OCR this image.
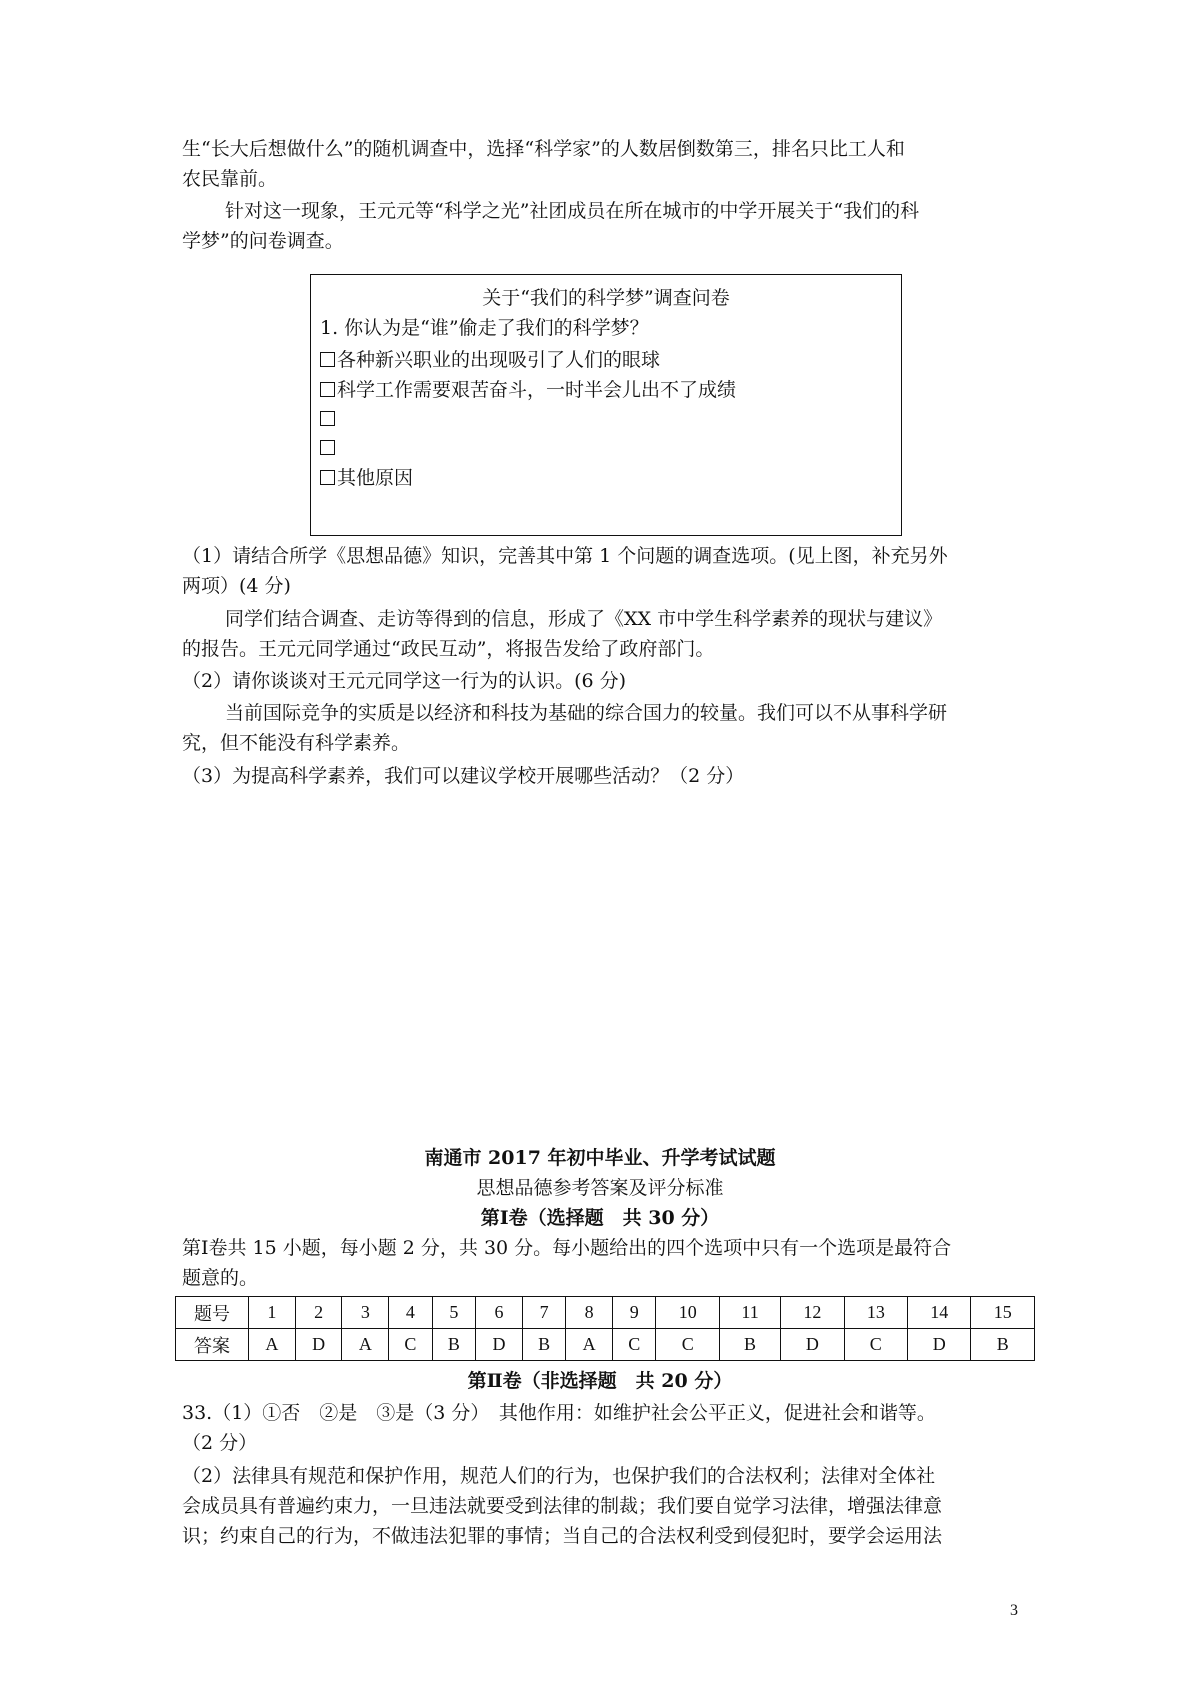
生“长大后想做什么”的随机调查中，选择“科学家”的人数居倒数第三，排名只比工人和
农民靠前。
针对这一现象，王元元等“科学之光”社团成员在所在城市的中学开展关于“我们的科
学梦”的问卷调查。
关于“我们的科学梦”调查问卷
1. 你认为是“谁”偷走了我们的科学梦？
各种新兴职业的出现吸引了人们的眼球
科学工作需要艰苦奋斗，一时半会儿出不了成绩
其他原因
（1）请结合所学《思想品德》知识，完善其中第 1 个问题的调查选项。(见上图，补充另外
两项）(4 分)
同学们结合调查、走访等得到的信息，形成了《XX 市中学生科学素养的现状与建议》
的报告。王元元同学通过“政民互动”，将报告发给了政府部门。
（2）请你谈谈对王元元同学这一行为的认识。(6 分)
当前国际竞争的实质是以经济和科技为基础的综合国力的较量。我们可以不从事科学研
究，但不能没有科学素养。
（3）为提高科学素养，我们可以建议学校开展哪些活动？（2 分）
南通市 2017 年初中毕业、升学考试试题
思想品德参考答案及评分标准
第Ⅰ卷（选择题　共 30 分）
第Ⅰ卷共 15 小题，每小题 2 分，共 30 分。每小题给出的四个选项中只有一个选项是最符合
题意的。
题号	1	2	3	4	5	6	7	8	9	10	11	12	13	14	15
答案	A	D	A	C	B	D	B	A	C	C	B	D	C	D	B
第Ⅱ卷（非选择题　共 20 分）
33.（1）①否　②是　③是（3 分）　其他作用：如维护社会公平正义，促进社会和谐等。
（2 分）
（2）法律具有规范和保护作用，规范人们的行为，也保护我们的合法权利；法律对全体社
会成员具有普遍约束力，一旦违法就要受到法律的制裁；我们要自觉学习法律，增强法律意
识；约束自己的行为，不做违法犯罪的事情；当自己的合法权利受到侵犯时，要学会运用法
3
